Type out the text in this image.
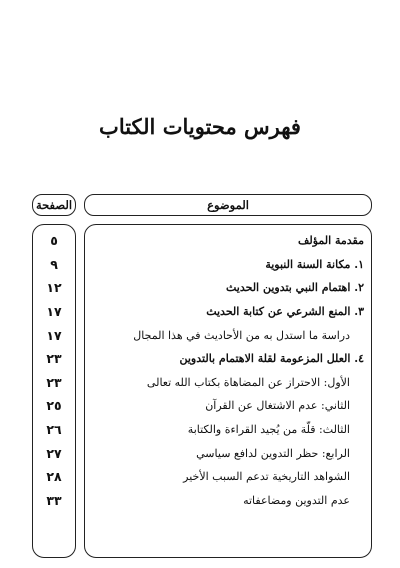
فهرس محتويات الكتاب
الصفحة	الموضوع
٥	مقدمة المؤلف
٩	١. مكانة السنة النبوية
١٢	٢. اهتمام النبي بتدوين الحديث
١٧	٣. المنع الشرعي عن كتابة الحديث
١٧	دراسة ما استدل به من الأحاديث في هذا المجال
٢٣	٤. العلل المزعومة لقلة الاهتمام بالتدوين
٢٣	الأول: الاحتراز عن المضاهاة بكتاب الله تعالى
٢٥	الثاني: عدم الاشتغال عن القرآن
٢٦	الثالث: قلّة من يُجيد القراءة والكتابة
٢٧	الرابع: حظر التدوين لدافع سياسي
٢٨	الشواهد التاريخية تدعم السبب الأخير
٣٣	عدم التدوين ومضاعفاته
